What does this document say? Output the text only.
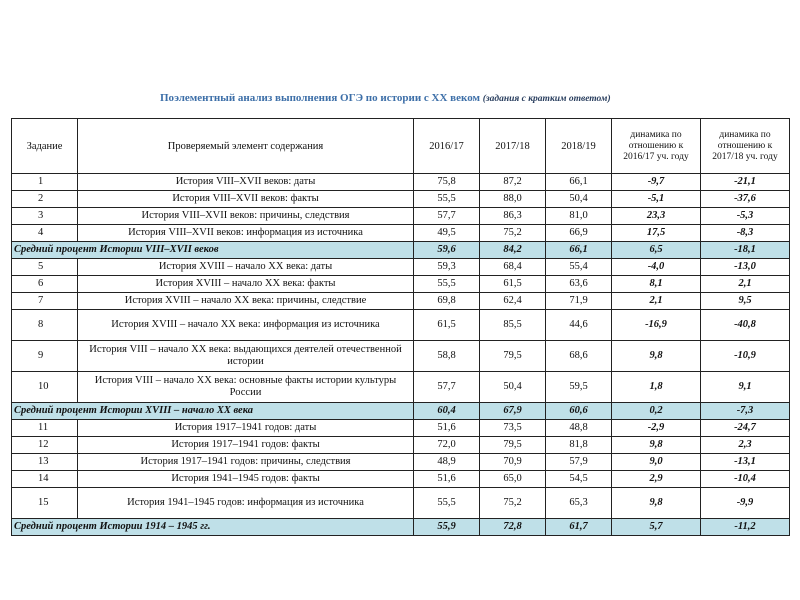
Поэлементный анализ выполнения ОГЭ по истории с XX веком (задания с кратким ответом)
Задание	Проверяемый элемент содержания	2016/17	2017/18	2018/19	динамика по отношению к 2016/17 уч. году	динамика по отношению к 2017/18 уч. году
1	История VIII–XVII веков: даты	75,8	87,2	66,1	-9,7	-21,1
2	История VIII–XVII веков: факты	55,5	88,0	50,4	-5,1	-37,6
3	История VIII–XVII веков: причины, следствия	57,7	86,3	81,0	23,3	-5,3
4	История VIII–XVII веков: информация из источника	49,5	75,2	66,9	17,5	-8,3
Средний процент Истории VIII–XVII веков		59,6	84,2	66,1	6,5	-18,1
5	История XVIII – начало XX века: даты	59,3	68,4	55,4	-4,0	-13,0
6	История XVIII – начало XX века: факты	55,5	61,5	63,6	8,1	2,1
7	История XVIII – начало XX века: причины, следствие	69,8	62,4	71,9	2,1	9,5
8	История XVIII – начало XX века: информация из источника	61,5	85,5	44,6	-16,9	-40,8
9	История VIII – начало XX века: выдающихся деятелей отечественной истории	58,8	79,5	68,6	9,8	-10,9
10	История VIII – начало XX века: основные факты истории культуры России	57,7	50,4	59,5	1,8	9,1
Средний процент Истории XVIII – начало XX века		60,4	67,9	60,6	0,2	-7,3
11	История 1917–1941 годов: даты	51,6	73,5	48,8	-2,9	-24,7
12	История 1917–1941 годов: факты	72,0	79,5	81,8	9,8	2,3
13	История 1917–1941 годов: причины, следствия	48,9	70,9	57,9	9,0	-13,1
14	История 1941–1945 годов: факты	51,6	65,0	54,5	2,9	-10,4
15	История 1941–1945 годов: информация из источника	55,5	75,2	65,3	9,8	-9,9
Средний процент Истории 1914 – 1945 гг.		55,9	72,8	61,7	5,7	-11,2
